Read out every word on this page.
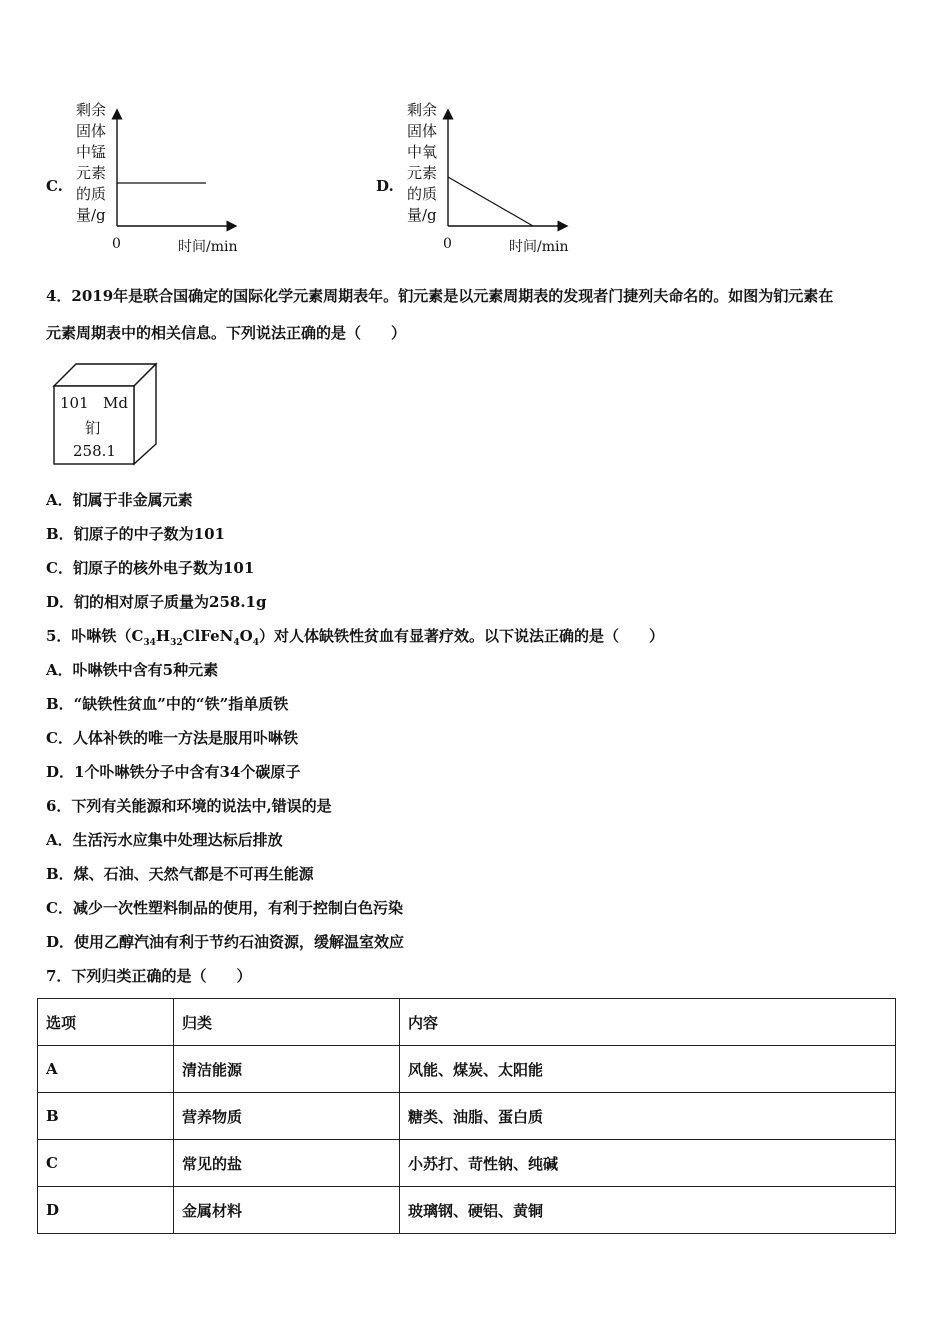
C.
剩余
固体
中锰
元素
的质
量/g
0	时间/min
D.
剩余
固体
中氧
元素
的质
量/g
0	时间/min
4．2019年是联合国确定的国际化学元素周期表年。钔元素是以元素周期表的发现者门捷列夫命名的。如图为钔元素在
元素周期表中的相关信息。下列说法正确的是（　　）
101 Md
钔
258.1
A．钔属于非金属元素
B．钔原子的中子数为101
C．钔原子的核外电子数为101
D．钔的相对原子质量为258.1g
5．卟啉铁$(C_{34}H_{32}ClFeN_4O_4)$对人体缺铁性贫血有显著疗效。以下说法正确的是（　　）
A．卟啉铁中含有5种元素
B．“缺铁性贫血”中的“铁”指单质铁
C．人体补铁的唯一方法是服用卟啉铁
D．1个卟啉铁分子中含有34个碳原子
6．下列有关能源和环境的说法中,错误的是
A．生活污水应集中处理达标后排放
B．煤、石油、天然气都是不可再生能源
C．减少一次性塑料制品的使用，有利于控制白色污染
D．使用乙醇汽油有利于节约石油资源，缓解温室效应
7．下列归类正确的是（　　）
选项	归类	内容
A	清洁能源	风能、煤炭、太阳能
B	营养物质	糖类、油脂、蛋白质
C	常见的盐	小苏打、苛性钠、纯碱
D	金属材料	玻璃钢、硬铝、黄铜
